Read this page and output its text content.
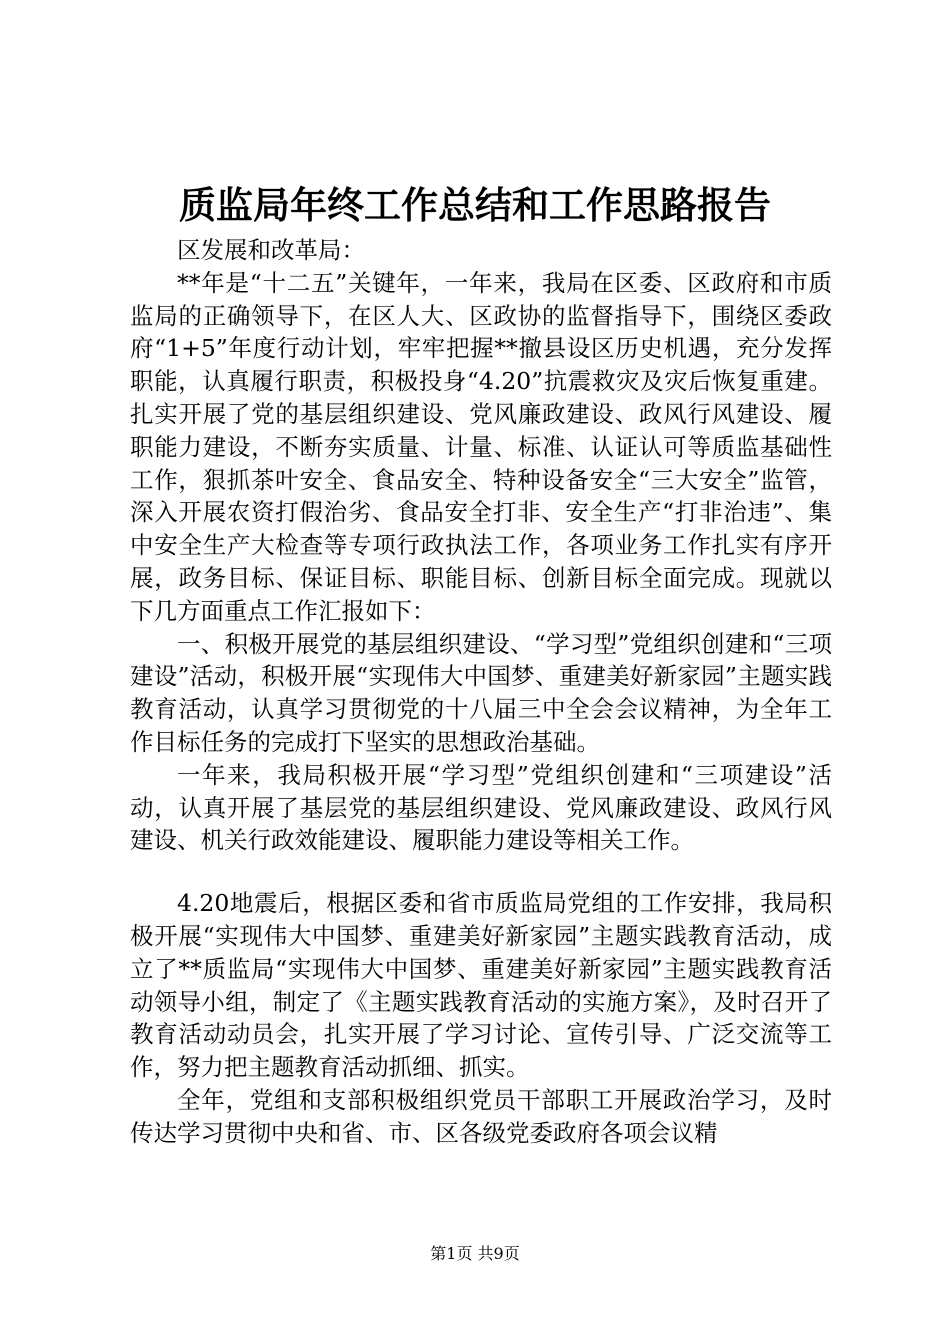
质监局年终工作总结和工作思路报告

区发展和改革局：

**年是“十二五”关键年，一年来，我局在区委、区政府和市质监局的正确领导下，在区人大、区政协的监督指导下，围绕区委政府“1+5”年度行动计划，牢牢把握**撤县设区历史机遇，充分发挥职能，认真履行职责，积极投身“4.20”抗震救灾及灾后恢复重建。扎实开展了党的基层组织建设、党风廉政建设、政风行风建设、履职能力建设，不断夯实质量、计量、标准、认证认可等质监基础性工作，狠抓茶叶安全、食品安全、特种设备安全“三大安全”监管，深入开展农资打假治劣、食品安全打非、安全生产“打非治违”、集中安全生产大检查等专项行政执法工作，各项业务工作扎实有序开展，政务目标、保证目标、职能目标、创新目标全面完成。现就以下几方面重点工作汇报如下：

一、积极开展党的基层组织建设、“学习型”党组织创建和“三项建设”活动，积极开展“实现伟大中国梦、重建美好新家园”主题实践教育活动，认真学习贯彻党的十八届三中全会会议精神，为全年工作目标任务的完成打下坚实的思想政治基础。

一年来，我局积极开展“学习型”党组织创建和“三项建设”活动，认真开展了基层党的基层组织建设、党风廉政建设、政风行风建设、机关行政效能建设、履职能力建设等相关工作。

4.20地震后，根据区委和省市质监局党组的工作安排，我局积极开展“实现伟大中国梦、重建美好新家园”主题实践教育活动，成立了**质监局“实现伟大中国梦、重建美好新家园”主题实践教育活动领导小组，制定了《主题实践教育活动的实施方案》，及时召开了教育活动动员会，扎实开展了学习讨论、宣传引导、广泛交流等工作，努力把主题教育活动抓细、抓实。

全年，党组和支部积极组织党员干部职工开展政治学习，及时传达学习贯彻中央和省、市、区各级党委政府各项会议精

第1页 共9页
